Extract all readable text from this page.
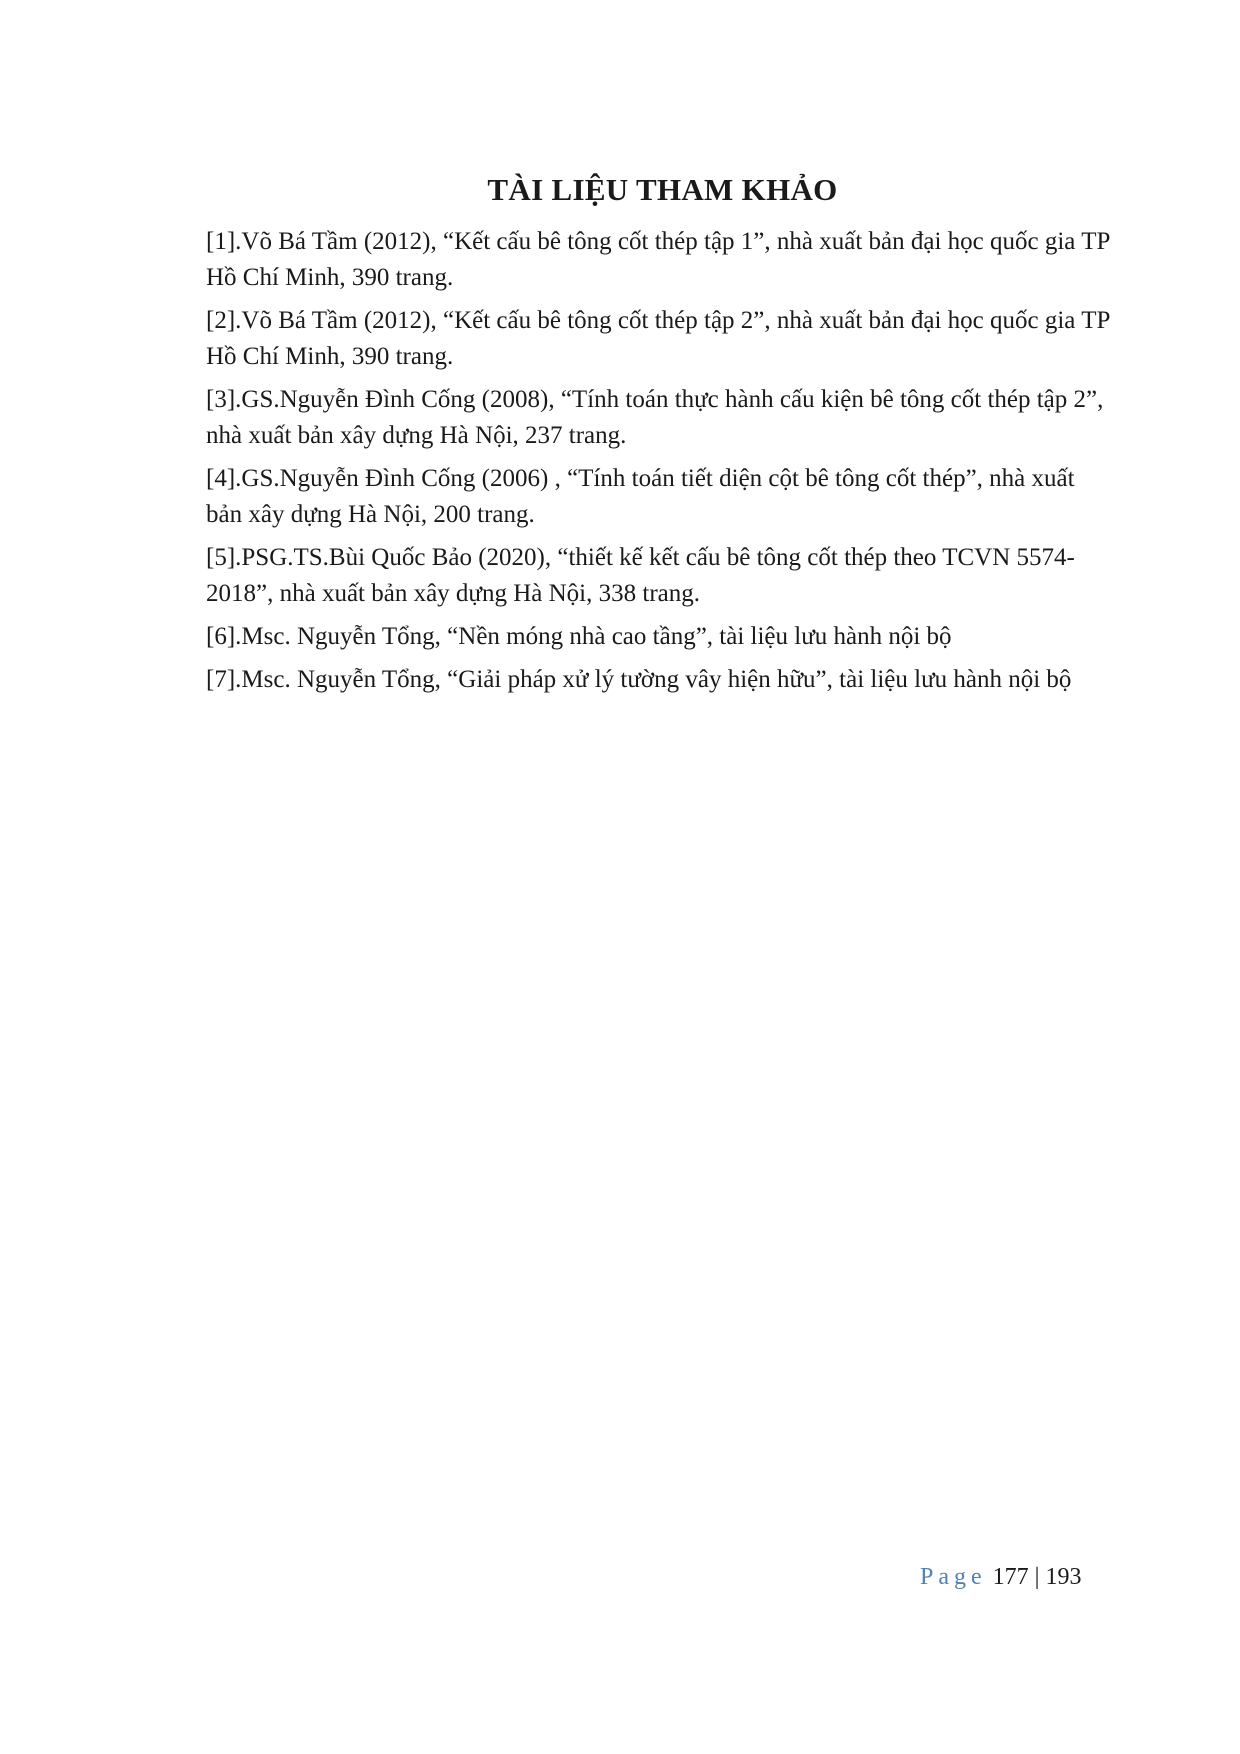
TÀI LIỆU THAM KHẢO

[1].Võ Bá Tầm (2012), “Kết cấu bê tông cốt thép tập 1”, nhà xuất bản đại học quốc gia TP Hồ Chí Minh, 390 trang.

[2].Võ Bá Tầm (2012), “Kết cấu bê tông cốt thép tập 2”, nhà xuất bản đại học quốc gia TP Hồ Chí Minh, 390 trang.

[3].GS.Nguyễn Đình Cống (2008), “Tính toán thực hành cấu kiện bê tông cốt thép tập 2”, nhà xuất bản xây dựng Hà Nội, 237 trang.

[4].GS.Nguyễn Đình Cống (2006) , “Tính toán tiết diện cột bê tông cốt thép”, nhà xuất bản xây dựng Hà Nội, 200 trang.

[5].PSG.TS.Bùi Quốc Bảo (2020), “thiết kế kết cấu bê tông cốt thép theo TCVN 5574-2018”, nhà xuất bản xây dựng Hà Nội, 338 trang.

[6].Msc. Nguyễn Tổng, “Nền móng nhà cao tầng”, tài liệu lưu hành nội bộ

[7].Msc. Nguyễn Tổng, “Giải pháp xử lý tường vây hiện hữu”, tài liệu lưu hành nội bộ

Page 177 | 193
